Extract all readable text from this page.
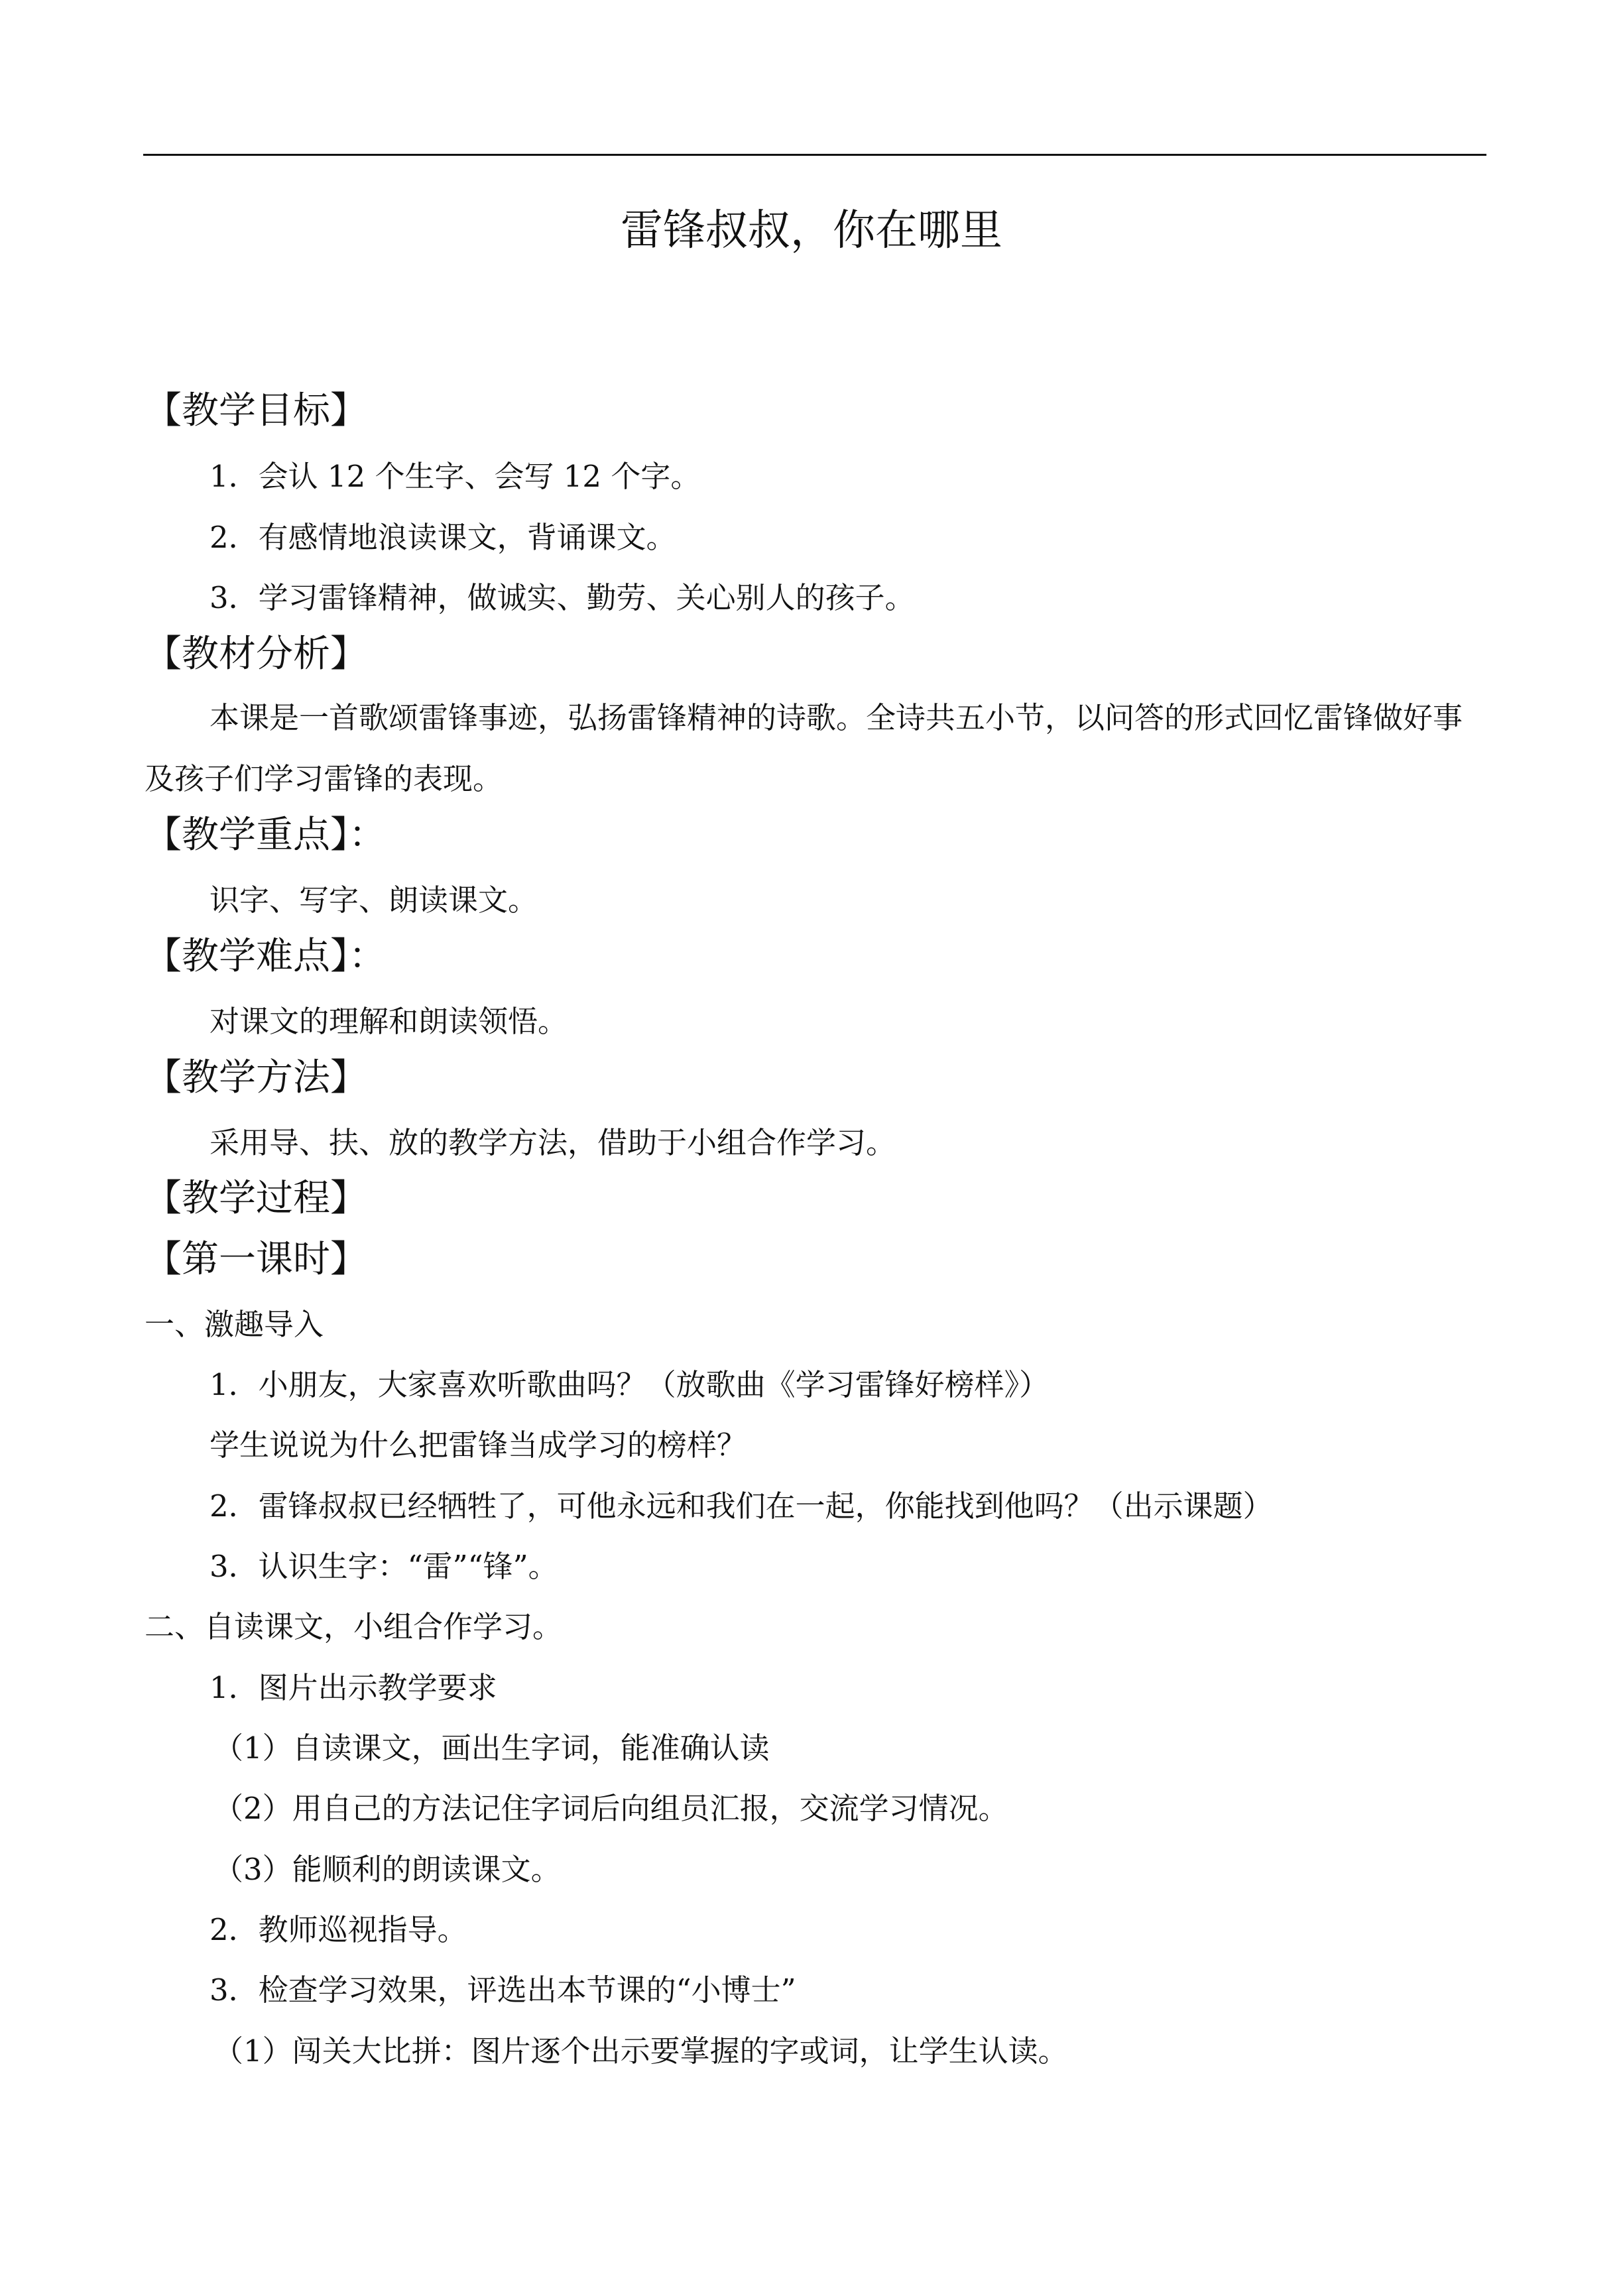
雷锋叔叔，你在哪里
【教学目标】
1．会认 12 个生字、会写 12 个字。
2．有感情地浪读课文，背诵课文。
3．学习雷锋精神，做诚实、勤劳、关心别人的孩子。
【教材分析】
本课是一首歌颂雷锋事迹，弘扬雷锋精神的诗歌。全诗共五小节，以问答的形式回忆雷锋做好事及孩子们学习雷锋的表现。
【教学重点】：
识字、写字、朗读课文。
【教学难点】：
对课文的理解和朗读领悟。
【教学方法】
采用导、扶、放的教学方法，借助于小组合作学习。
【教学过程】
【第一课时】
一、激趣导入
1．小朋友，大家喜欢听歌曲吗？（放歌曲《学习雷锋好榜样》）
学生说说为什么把雷锋当成学习的榜样？
2．雷锋叔叔已经牺牲了，可他永远和我们在一起，你能找到他吗？（出示课题）
3．认识生字：“雷”“锋”。
二、自读课文，小组合作学习。
1．图片出示教学要求
（1）自读课文，画出生字词，能准确认读
（2）用自己的方法记住字词后向组员汇报，交流学习情况。
（3）能顺利的朗读课文。
2．教师巡视指导。
3．检查学习效果，评选出本节课的“小博士”
（1）闯关大比拼：图片逐个出示要掌握的字或词，让学生认读。
